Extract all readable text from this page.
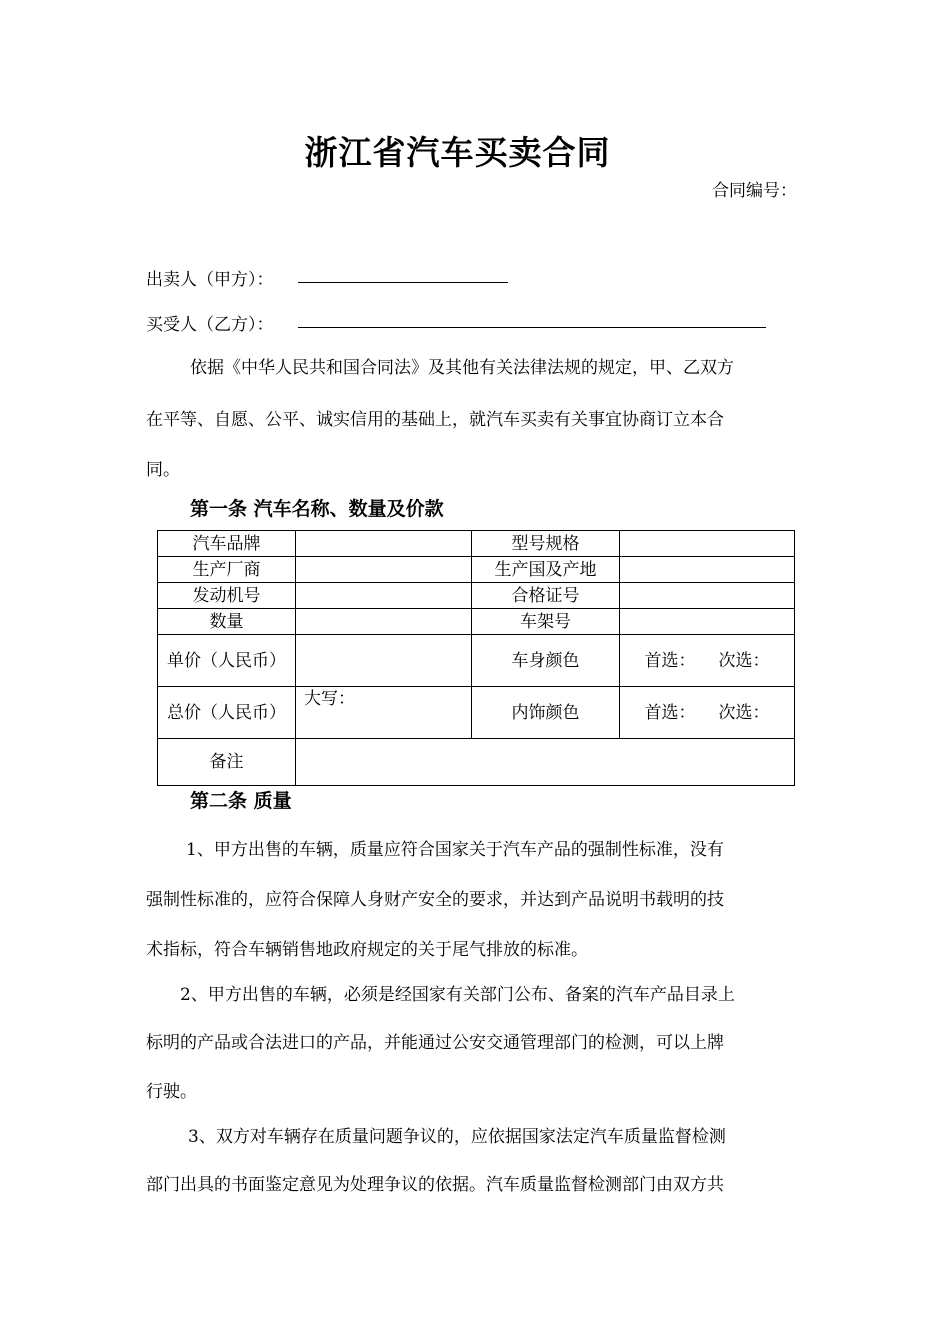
浙江省汽车买卖合同
合同编号：
出卖人（甲方）：
买受人（乙方）：
依据《中华人民共和国合同法》及其他有关法律法规的规定，甲、乙双方
在平等、自愿、公平、诚实信用的基础上，就汽车买卖有关事宜协商订立本合
同。
第一条 汽车名称、数量及价款
汽车品牌		型号规格	
生产厂商		生产国及产地	
发动机号		合格证号	
数量		车架号	
单价（人民币）		车身颜色	首选： 次选：
总价（人民币）	大写：	内饰颜色	首选： 次选：
备注			
第二条 质量
1、甲方出售的车辆，质量应符合国家关于汽车产品的强制性标准，没有
强制性标准的，应符合保障人身财产安全的要求，并达到产品说明书载明的技
术指标，符合车辆销售地政府规定的关于尾气排放的标准。
2、甲方出售的车辆，必须是经国家有关部门公布、备案的汽车产品目录上
标明的产品或合法进口的产品，并能通过公安交通管理部门的检测，可以上牌
行驶。
3、双方对车辆存在质量问题争议的，应依据国家法定汽车质量监督检测
部门出具的书面鉴定意见为处理争议的依据。汽车质量监督检测部门由双方共
